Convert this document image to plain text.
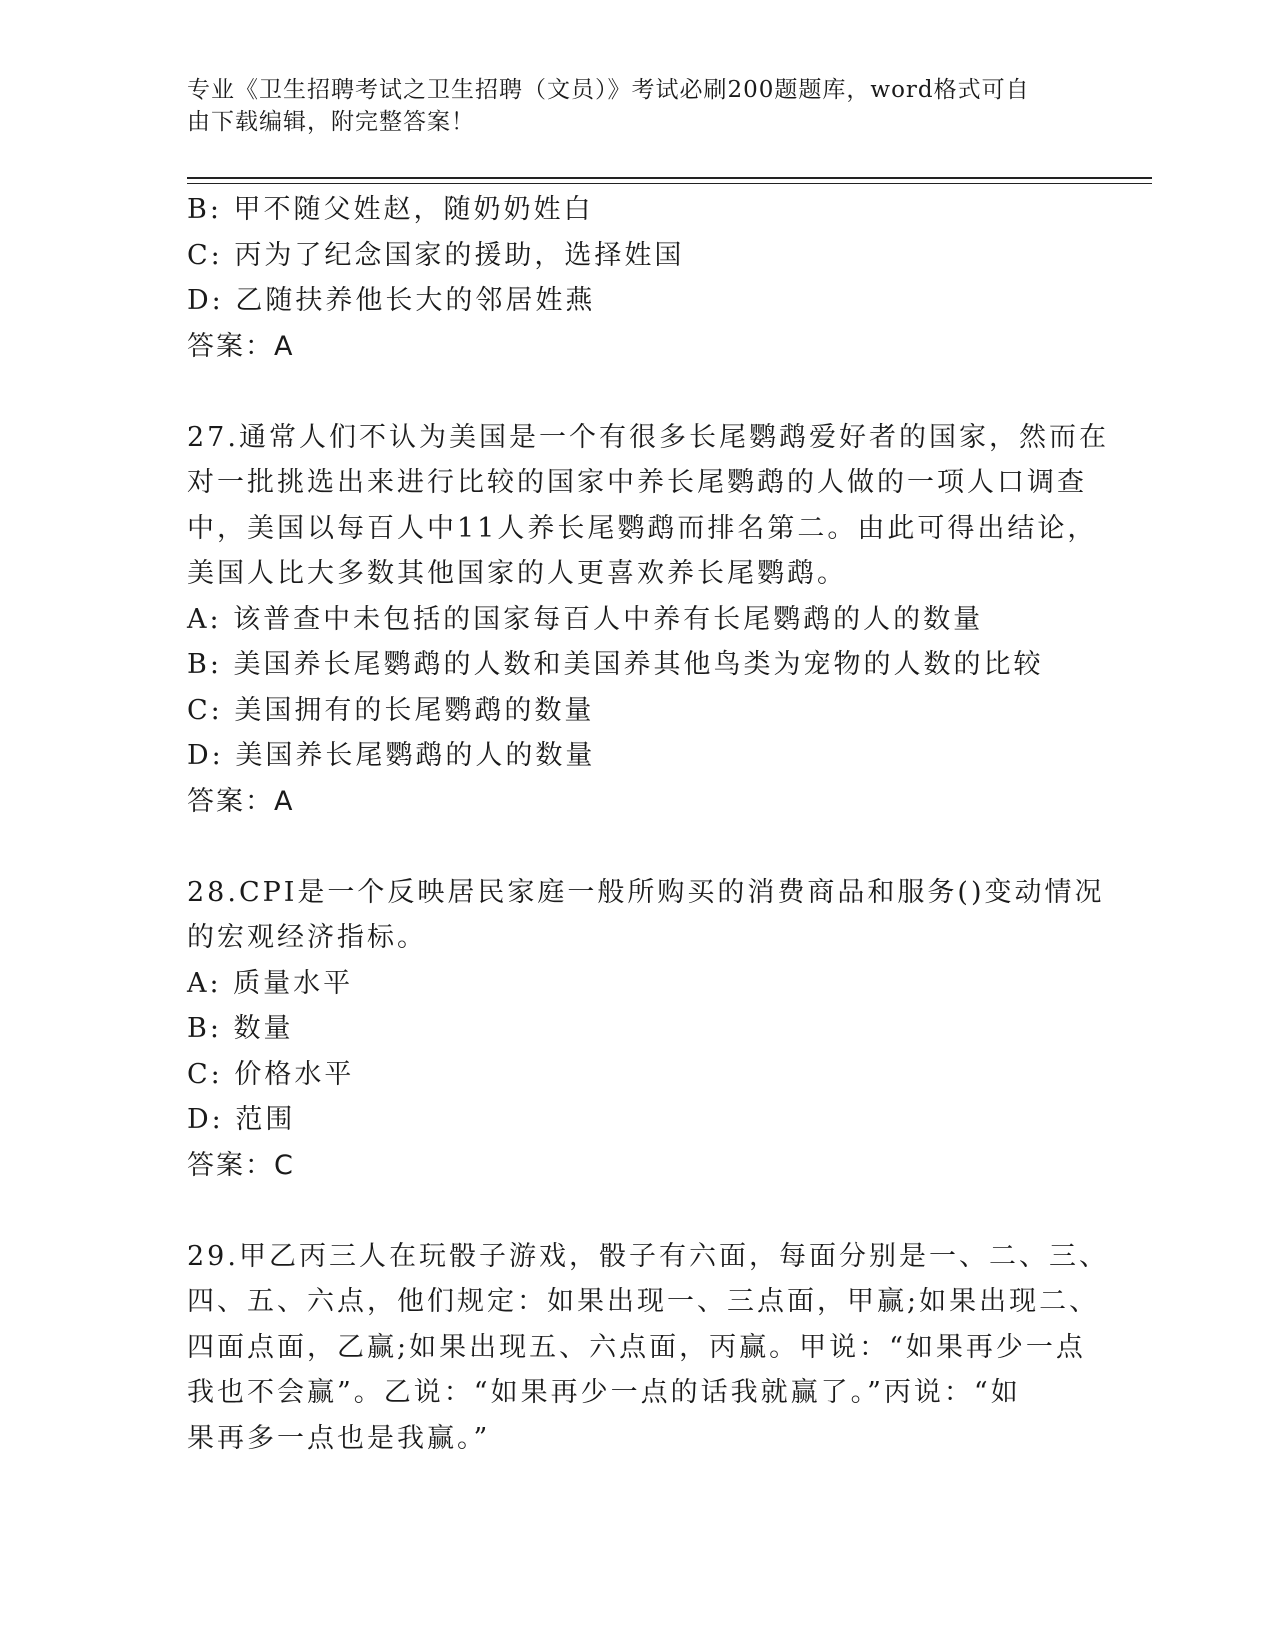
专业《卫生招聘考试之卫生招聘（文员）》考试必刷200题题库，word格式可自
由下载编辑，附完整答案！
B: 甲不随父姓赵，随奶奶姓白
C: 丙为了纪念国家的援助，选择姓国
D: 乙随扶养他长大的邻居姓燕
答案：A
27.通常人们不认为美国是一个有很多长尾鹦鹉爱好者的国家，然而在
对一批挑选出来进行比较的国家中养长尾鹦鹉的人做的一项人口调查
中，美国以每百人中11人养长尾鹦鹉而排名第二。由此可得出结论，
美国人比大多数其他国家的人更喜欢养长尾鹦鹉。
A: 该普查中未包括的国家每百人中养有长尾鹦鹉的人的数量
B: 美国养长尾鹦鹉的人数和美国养其他鸟类为宠物的人数的比较
C: 美国拥有的长尾鹦鹉的数量
D: 美国养长尾鹦鹉的人的数量
答案：A
28.CPI是一个反映居民家庭一般所购买的消费商品和服务()变动情况
的宏观经济指标。
A: 质量水平
B: 数量
C: 价格水平
D: 范围
答案：C
29.甲乙丙三人在玩骰子游戏，骰子有六面，每面分别是一、二、三、
四、五、六点，他们规定：如果出现一、三点面，甲赢;如果出现二、
四面点面，乙赢;如果出现五、六点面，丙赢。甲说：“如果再少一点
我也不会赢”。乙说：“如果再少一点的话我就赢了。”丙说：“如
果再多一点也是我赢。”
